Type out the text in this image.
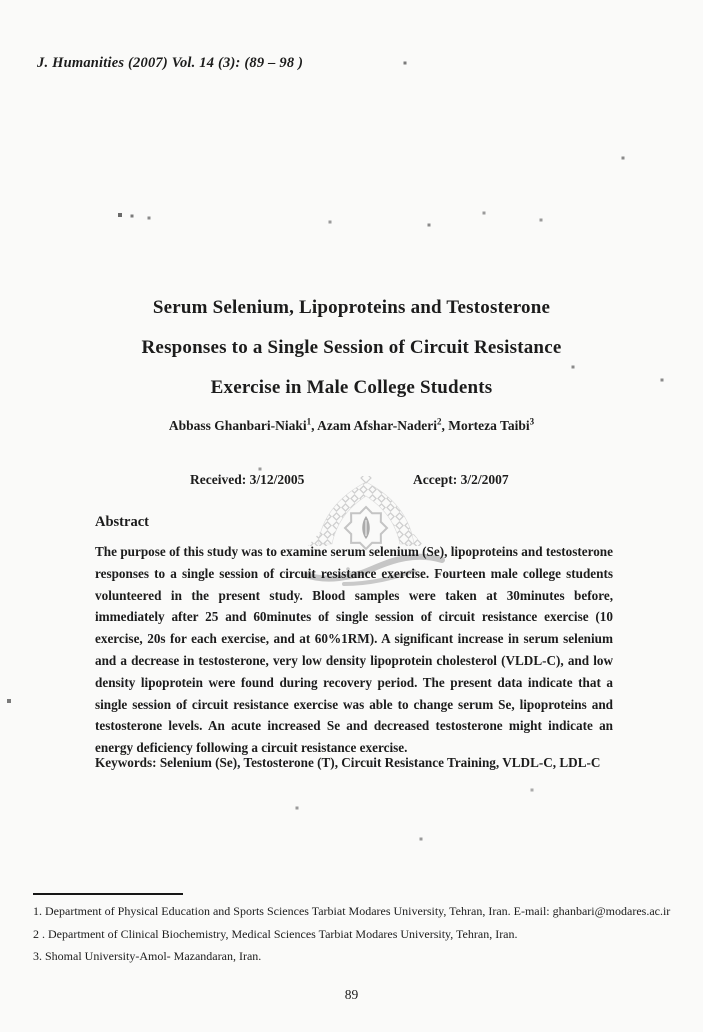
J. Humanities (2007) Vol. 14 (3): (89 – 98 )
Serum Selenium, Lipoproteins and Testosterone
Responses to a Single Session of Circuit Resistance
Exercise in Male College Students
Abbass Ghanbari-Niaki$^1$, Azam Afshar-Naderi$^2$, Morteza Taibi$^3$
Received: 3/12/2005	Accept: 3/2/2007
Abstract
The purpose of this study was to examine serum selenium (Se), lipoproteins and testosterone responses to a single session of circuit resistance exercise. Fourteen male college students volunteered in the present study. Blood samples were taken at 30minutes before, immediately after 25 and 60minutes of single session of circuit resistance exercise (10 exercise, 20s for each exercise, and at 60%1RM). A significant increase in serum selenium and a decrease in testosterone, very low density lipoprotein cholesterol (VLDL-C), and low density lipoprotein were found during recovery period. The present data indicate that a single session of circuit resistance exercise was able to change serum Se, lipoproteins and testosterone levels. An acute increased Se and decreased testosterone might indicate an energy deficiency following a circuit resistance exercise.
Keywords: Selenium (Se), Testosterone (T), Circuit Resistance Training, VLDL-C, LDL-C
1. Department of Physical Education and Sports Sciences Tarbiat Modares University, Tehran, Iran. E-mail: ghanbari@modares.ac.ir
2 . Department of Clinical Biochemistry, Medical Sciences Tarbiat Modares University, Tehran, Iran.
3. Shomal University-Amol- Mazandaran, Iran.
89
